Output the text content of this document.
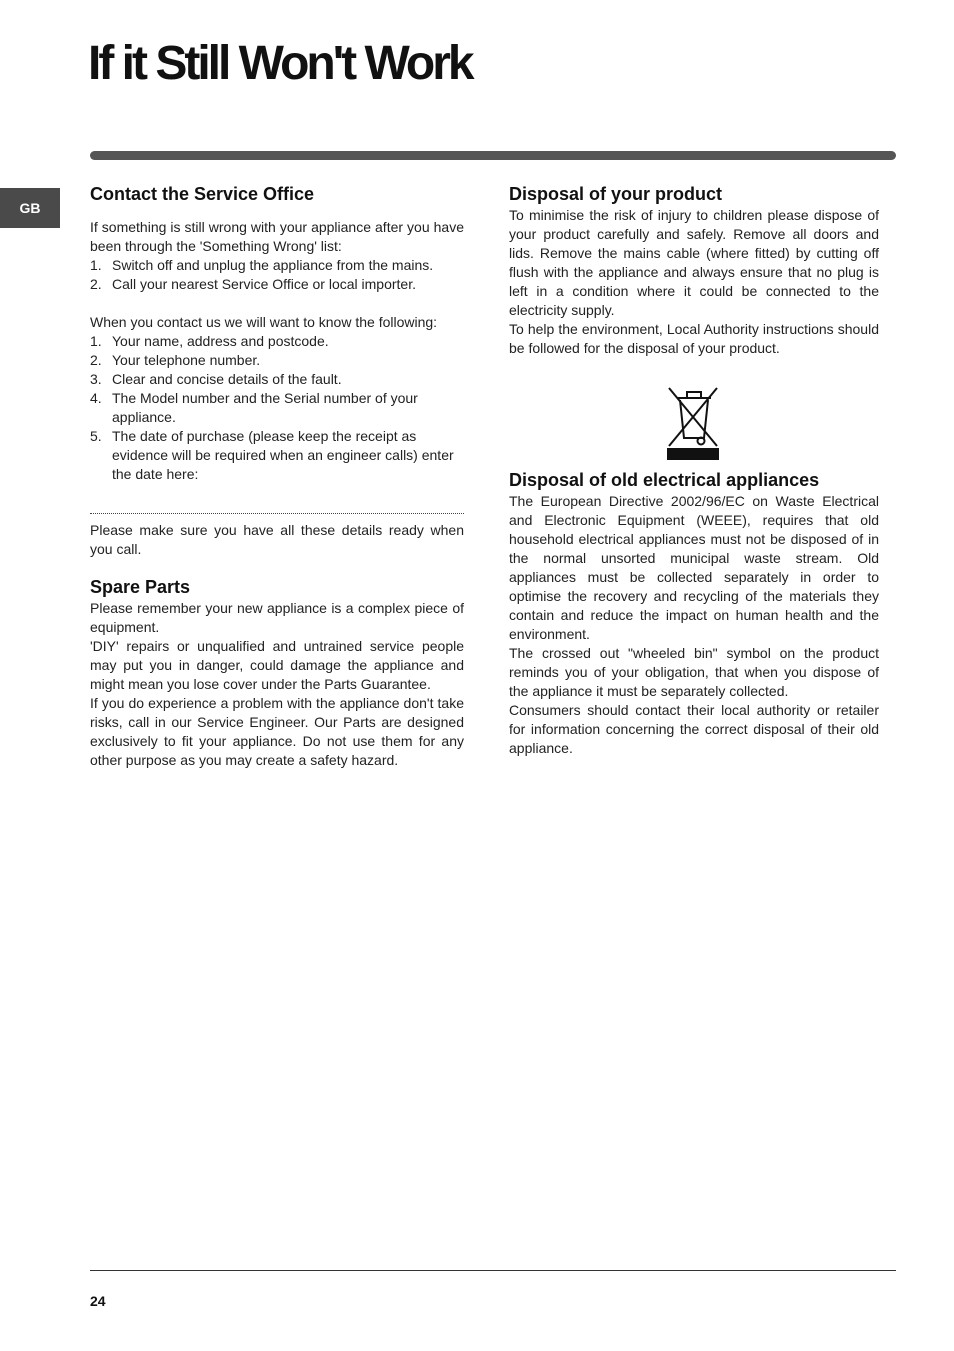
If it Still Won't Work
GB
Contact the Service Office

If something is still wrong with your appliance after you have been through the 'Something Wrong' list:

1. Switch off and unplug the appliance from the mains.
2. Call your nearest Service Office or local importer.

When you contact us we will want to know the following:

1. Your name, address and postcode.
2. Your telephone number.
3. Clear and concise details of the fault.
4. The Model number and the Serial number of your appliance.
5. The date of purchase (please keep the receipt as evidence will be required when an engineer calls) enter the date here:

Please make sure you have all these details ready when you call.

Spare Parts

Please remember your new appliance is a complex piece of equipment.

'DIY' repairs or unqualified and untrained service people may put you in danger, could damage the appliance and might mean you lose cover under the Parts Guarantee.

If you do experience a problem with the appliance don't take risks, call in our Service Engineer. Our Parts are designed exclusively to fit your appliance. Do not use them for any other purpose as you may create a safety hazard.

Disposal of your product

To minimise the risk of injury to children please dispose of your product carefully and safely. Remove all doors and lids. Remove the mains cable (where fitted) by cutting off flush with the appliance and always ensure that no plug is left in a condition where it could be connected to the electricity supply.

To help the environment, Local Authority instructions should be followed for the disposal of your product.

Disposal of old electrical appliances

The European Directive 2002/96/EC on Waste Electrical and Electronic Equipment (WEEE), requires that old household electrical appliances must not be disposed of in the normal unsorted municipal waste stream. Old appliances must be collected separately in order to optimise the recovery and recycling of the materials they contain and reduce the impact on human health and the environment.

The crossed out "wheeled bin" symbol on the product reminds you of your obligation, that when you dispose of the appliance it must be separately collected.

Consumers should contact their local authority or retailer for information concerning the correct disposal of their old appliance.

24
